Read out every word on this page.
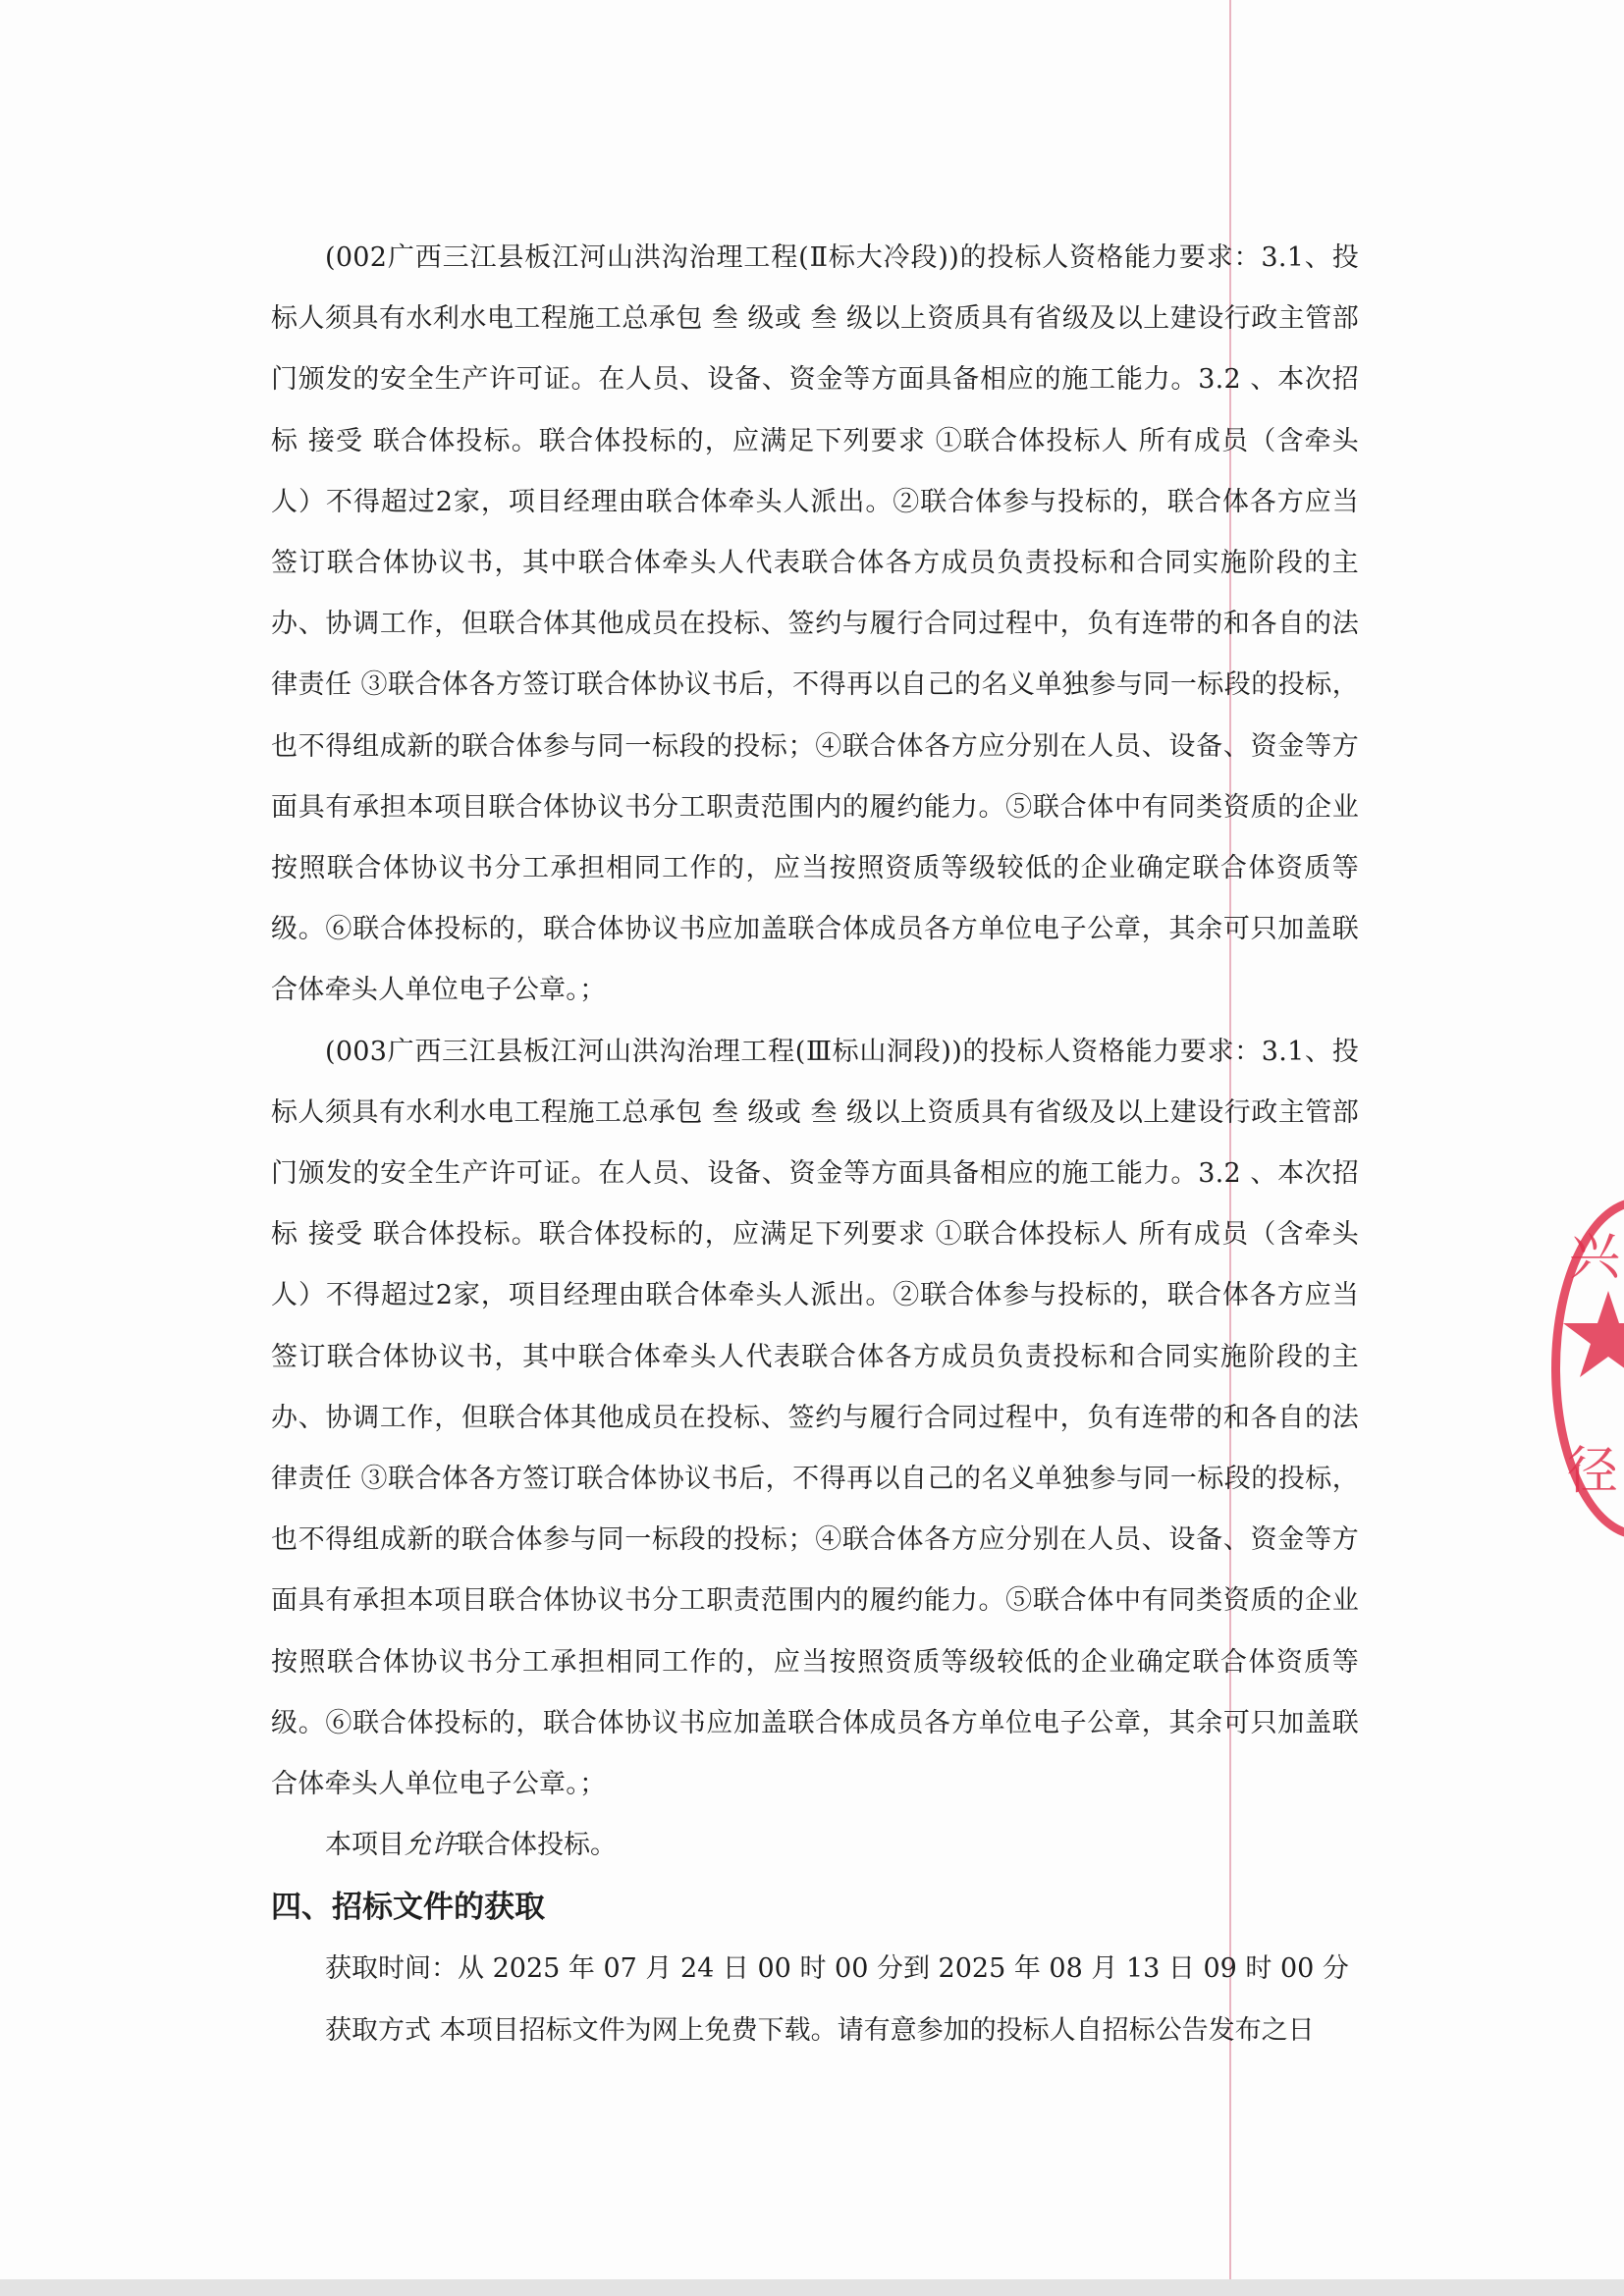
(002广西三江县板江河山洪沟治理工程(Ⅱ标大冷段))的投标人资格能力要求：3.1、投标人须具有水利水电工程施工总承包 叁 级或 叁 级以上资质具有省级及以上建设行政主管部门颁发的安全生产许可证。在人员、设备、资金等方面具备相应的施工能力。3.2 、本次招标 接受 联合体投标。联合体投标的，应满足下列要求 ①联合体投标人 所有成员（含牵头人）不得超过2家，项目经理由联合体牵头人派出。②联合体参与投标的，联合体各方应当签订联合体协议书，其中联合体牵头人代表联合体各方成员负责投标和合同实施阶段的主办、协调工作，但联合体其他成员在投标、签约与履行合同过程中，负有连带的和各自的法律责任 ③联合体各方签订联合体协议书后，不得再以自己的名义单独参与同一标段的投标，也不得组成新的联合体参与同一标段的投标；④联合体各方应分别在人员、设备、资金等方面具有承担本项目联合体协议书分工职责范围内的履约能力。⑤联合体中有同类资质的企业按照联合体协议书分工承担相同工作的，应当按照资质等级较低的企业确定联合体资质等级。⑥联合体投标的，联合体协议书应加盖联合体成员各方单位电子公章，其余可只加盖联合体牵头人单位电子公章。；

(003广西三江县板江河山洪沟治理工程(Ⅲ标山洞段))的投标人资格能力要求：3.1、投标人须具有水利水电工程施工总承包 叁 级或 叁 级以上资质具有省级及以上建设行政主管部门颁发的安全生产许可证。在人员、设备、资金等方面具备相应的施工能力。3.2 、本次招标 接受 联合体投标。联合体投标的，应满足下列要求 ①联合体投标人 所有成员（含牵头人）不得超过2家，项目经理由联合体牵头人派出。②联合体参与投标的，联合体各方应当签订联合体协议书，其中联合体牵头人代表联合体各方成员负责投标和合同实施阶段的主办、协调工作，但联合体其他成员在投标、签约与履行合同过程中，负有连带的和各自的法律责任 ③联合体各方签订联合体协议书后，不得再以自己的名义单独参与同一标段的投标，也不得组成新的联合体参与同一标段的投标；④联合体各方应分别在人员、设备、资金等方面具有承担本项目联合体协议书分工职责范围内的履约能力。⑤联合体中有同类资质的企业按照联合体协议书分工承担相同工作的，应当按照资质等级较低的企业确定联合体资质等级。⑥联合体投标的，联合体协议书应加盖联合体成员各方单位电子公章，其余可只加盖联合体牵头人单位电子公章。；

本项目允许联合体投标。

四、招标文件的获取

获取时间：从 2025 年 07 月 24 日 00 时 00 分到 2025 年 08 月 13 日 09 时 00 分

获取方式 本项目招标文件为网上免费下载。请有意参加的投标人自招标公告发布之日

兴
径
